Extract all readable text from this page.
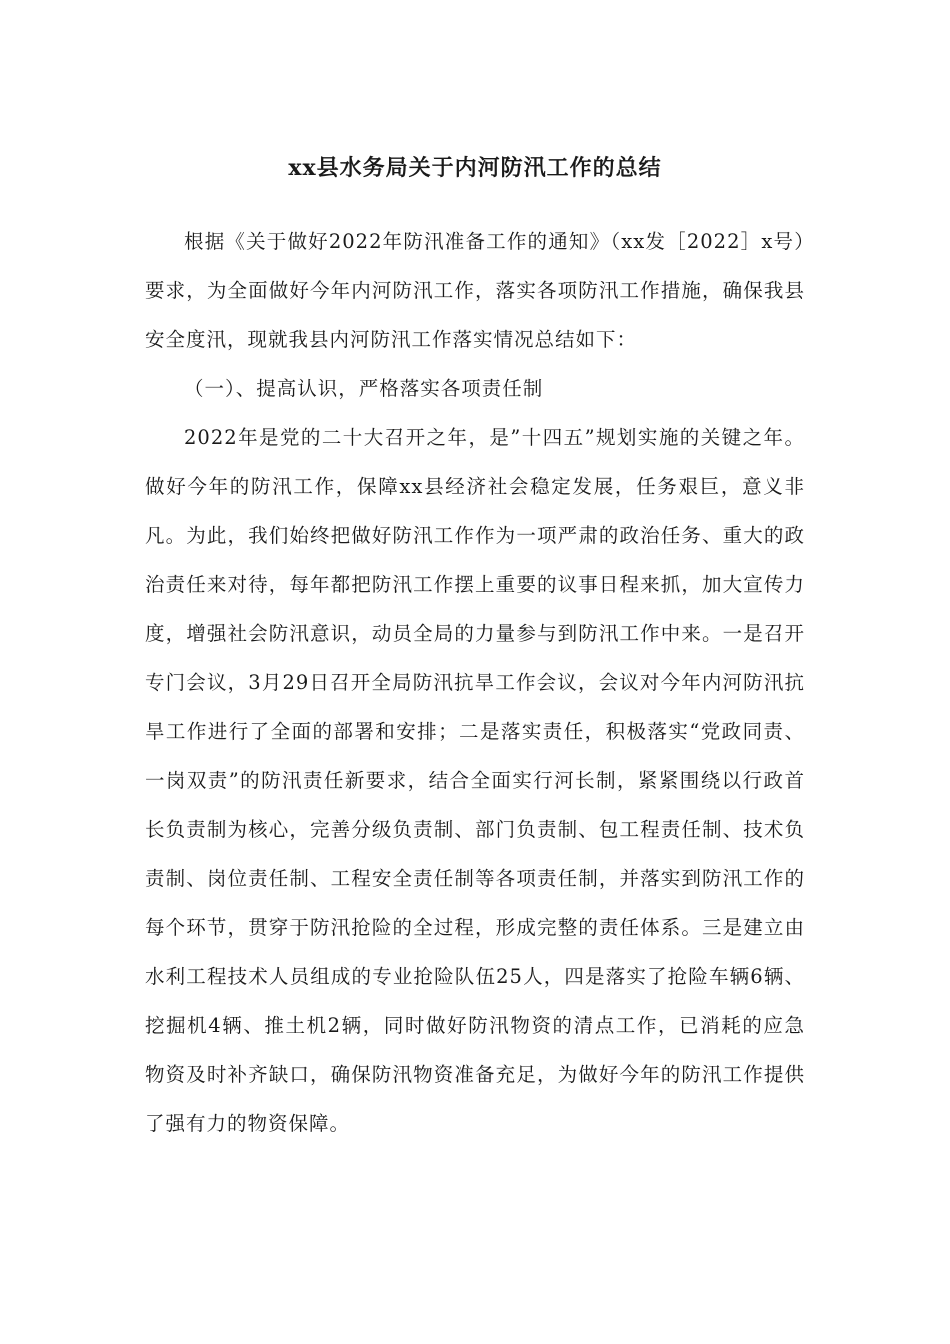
xx县水务局关于内河防汛工作的总结

根据《关于做好2022年防汛准备工作的通知》（xx发［2022］x号）要求，为全面做好今年内河防汛工作，落实各项防汛工作措施，确保我县安全度汛，现就我县内河防汛工作落实情况总结如下：

（一）、提高认识，严格落实各项责任制

2022年是党的二十大召开之年，是”十四五”规划实施的关键之年。做好今年的防汛工作，保障xx县经济社会稳定发展，任务艰巨，意义非凡。为此，我们始终把做好防汛工作作为一项严肃的政治任务、重大的政治责任来对待，每年都把防汛工作摆上重要的议事日程来抓，加大宣传力度，增强社会防汛意识，动员全局的力量参与到防汛工作中来。一是召开专门会议，3月29日召开全局防汛抗旱工作会议，会议对今年内河防汛抗旱工作进行了全面的部署和安排；二是落实责任，积极落实“党政同责、一岗双责”的防汛责任新要求，结合全面实行河长制，紧紧围绕以行政首长负责制为核心，完善分级负责制、部门负责制、包工程责任制、技术负责制、岗位责任制、工程安全责任制等各项责任制，并落实到防汛工作的每个环节，贯穿于防汛抢险的全过程，形成完整的责任体系。三是建立由水利工程技术人员组成的专业抢险队伍25人，四是落实了抢险车辆6辆、挖掘机4辆、推土机2辆，同时做好防汛物资的清点工作，已消耗的应急物资及时补齐缺口，确保防汛物资准备充足，为做好今年的防汛工作提供了强有力的物资保障。
